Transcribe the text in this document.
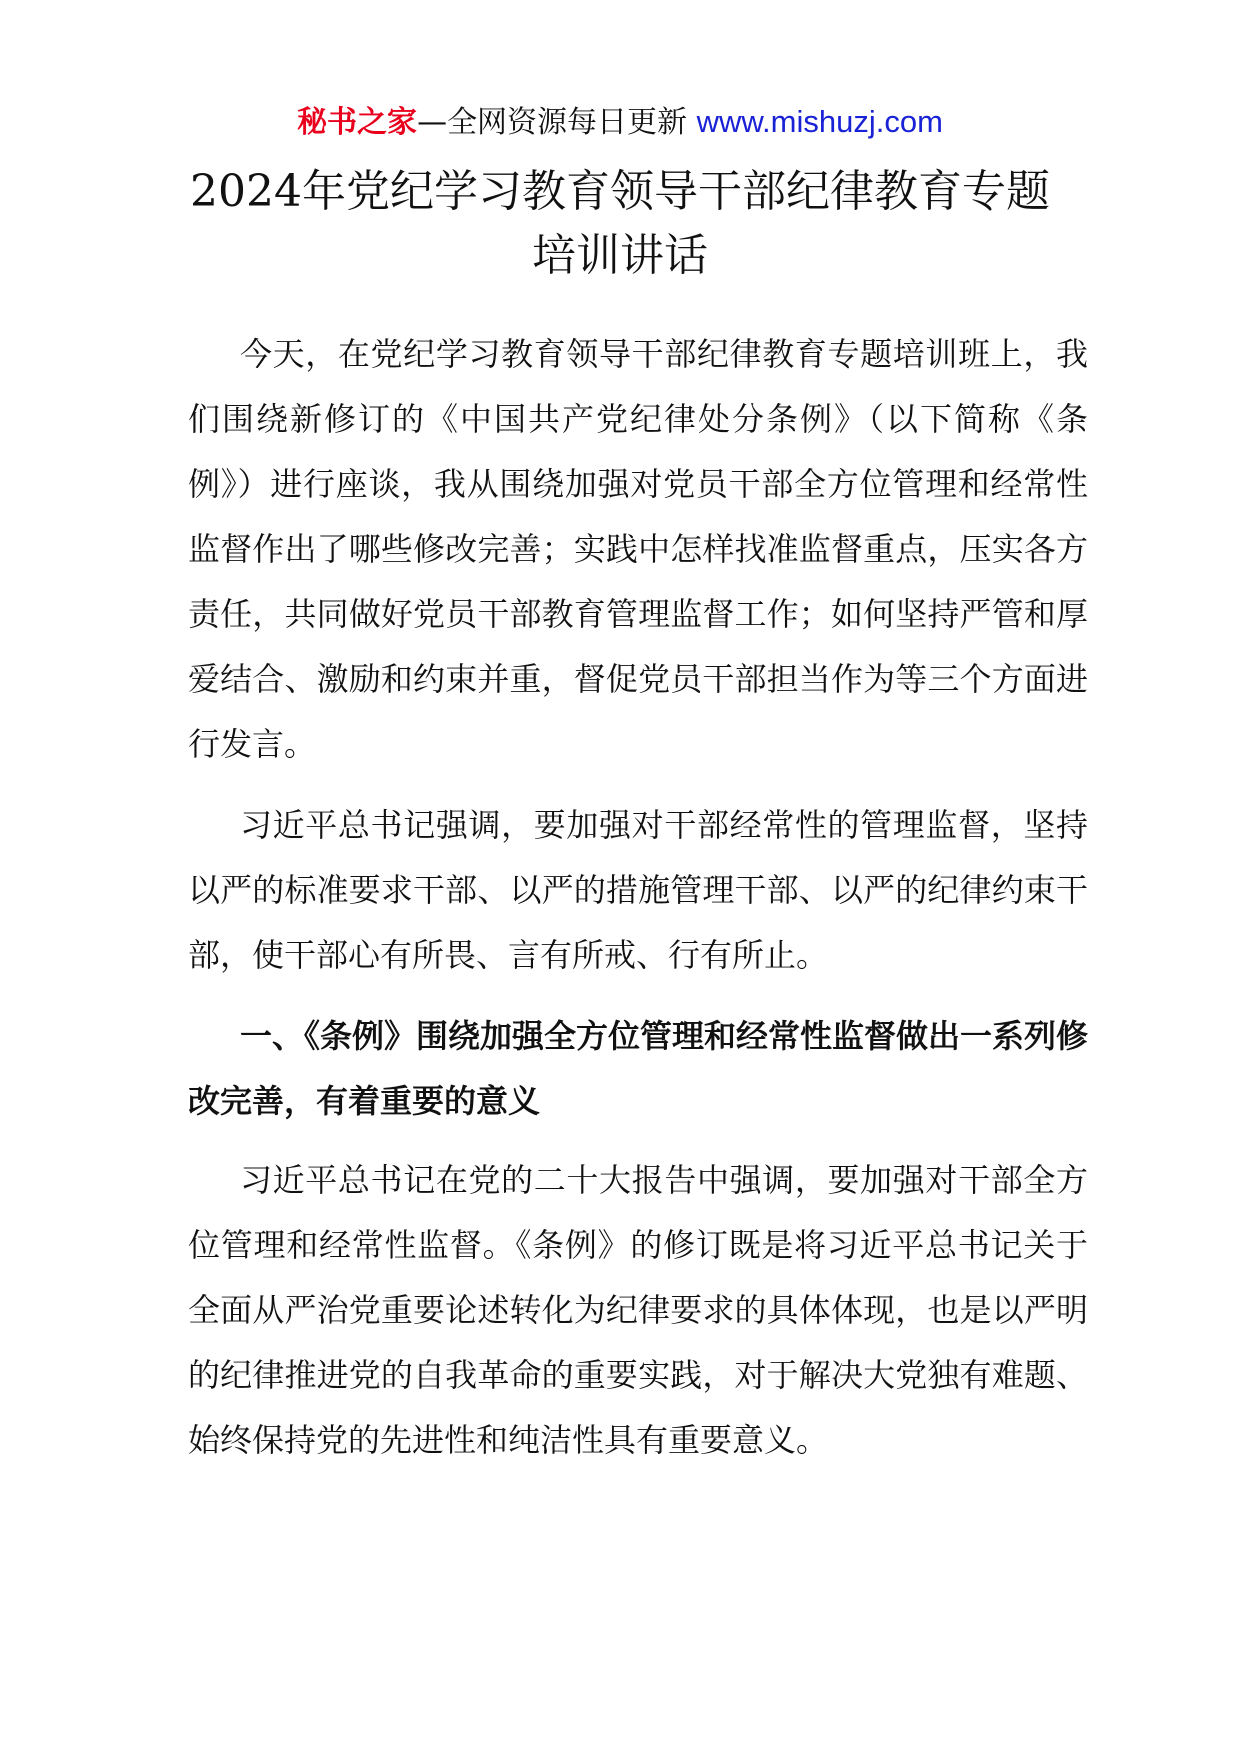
秘书之家—全网资源每日更新 www.mishuzj.com
2024年党纪学习教育领导干部纪律教育专题培训讲话

今天，在党纪学习教育领导干部纪律教育专题培训班上，我们围绕新修订的《中国共产党纪律处分条例》（以下简称《条例》）进行座谈，我从围绕加强对党员干部全方位管理和经常性监督作出了哪些修改完善；实践中怎样找准监督重点，压实各方责任，共同做好党员干部教育管理监督工作；如何坚持严管和厚爱结合、激励和约束并重，督促党员干部担当作为等三个方面进行发言。

习近平总书记强调，要加强对干部经常性的管理监督，坚持以严的标准要求干部、以严的措施管理干部、以严的纪律约束干部，使干部心有所畏、言有所戒、行有所止。

一、《条例》围绕加强全方位管理和经常性监督做出一系列修改完善，有着重要的意义

习近平总书记在党的二十大报告中强调，要加强对干部全方位管理和经常性监督。《条例》的修订既是将习近平总书记关于全面从严治党重要论述转化为纪律要求的具体体现，也是以严明的纪律推进党的自我革命的重要实践，对于解决大党独有难题、始终保持党的先进性和纯洁性具有重要意义。
